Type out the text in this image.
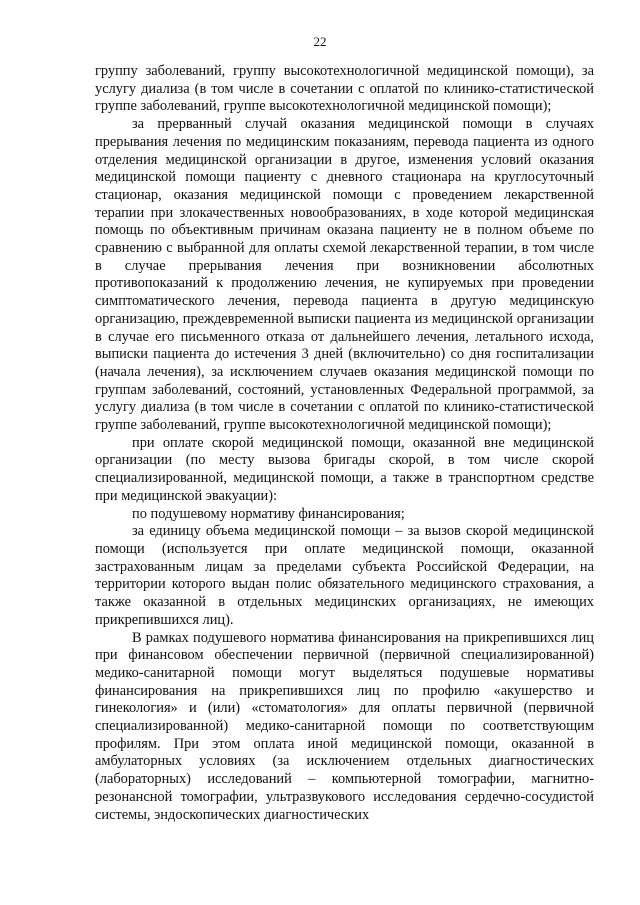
22

группу заболеваний, группу высокотехнологичной медицинской помощи), за услугу диализа (в том числе в сочетании с оплатой по клинико-статистической группе заболеваний, группе высокотехнологичной медицинской помощи);

за прерванный случай оказания медицинской помощи в случаях прерывания лечения по медицинским показаниям, перевода пациента из одного отделения медицинской организации в другое, изменения условий оказания медицинской помощи пациенту с дневного стационара на круглосуточный стационар, оказания медицинской помощи с проведением лекарственной терапии при злокачественных новообразованиях, в ходе которой медицинская помощь по объективным причинам оказана пациенту не в полном объеме по сравнению с выбранной для оплаты схемой лекарственной терапии, в том числе в случае прерывания лечения при возникновении абсолютных противопоказаний к продолжению лечения, не купируемых при проведении симптоматического лечения, перевода пациента в другую медицинскую организацию, преждевременной выписки пациента из медицинской организации в случае его письменного отказа от дальнейшего лечения, летального исхода, выписки пациента до истечения 3 дней (включительно) со дня госпитализации (начала лечения), за исключением случаев оказания медицинской помощи по группам заболеваний, состояний, установленных Федеральной программой, за услугу диализа (в том числе в сочетании с оплатой по клинико-статистической группе заболеваний, группе высокотехнологичной медицинской помощи);

при оплате скорой медицинской помощи, оказанной вне медицинской организации (по месту вызова бригады скорой, в том числе скорой специализированной, медицинской помощи, а также в транспортном средстве при медицинской эвакуации):

по подушевому нормативу финансирования;

за единицу объема медицинской помощи – за вызов скорой медицинской помощи (используется при оплате медицинской помощи, оказанной застрахованным лицам за пределами субъекта Российской Федерации, на территории которого выдан полис обязательного медицинского страхования, а также оказанной в отдельных медицинских организациях, не имеющих прикрепившихся лиц).

В рамках подушевого норматива финансирования на прикрепившихся лиц при финансовом обеспечении первичной (первичной специализированной) медико-санитарной помощи могут выделяться подушевые нормативы финансирования на прикрепившихся лиц по профилю «акушерство и гинекология» и (или) «стоматология» для оплаты первичной (первичной специализированной) медико-санитарной помощи по соответствующим профилям. При этом оплата иной медицинской помощи, оказанной в амбулаторных условиях (за исключением отдельных диагностических (лабораторных) исследований – компьютерной томографии, магнитно-резонансной томографии, ультразвукового исследования сердечно-сосудистой системы, эндоскопических диагностических
